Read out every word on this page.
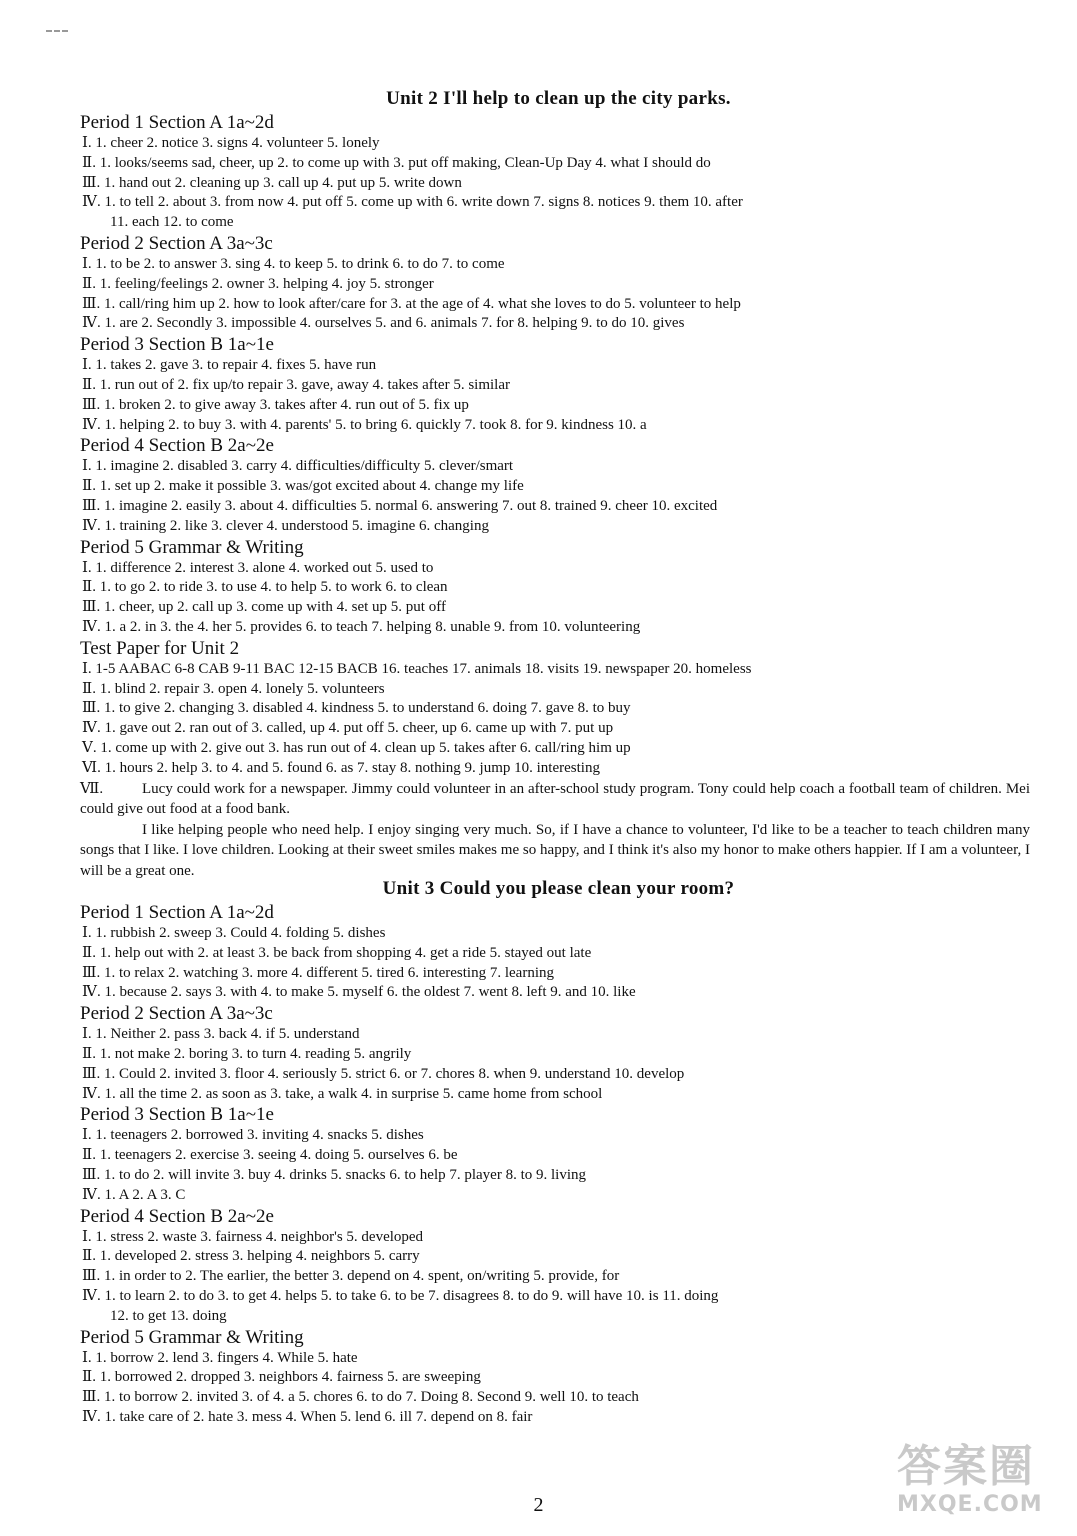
Unit 2 I'll help to clean up the city parks.
Period 1 Section A 1a~2d
Ⅰ. 1. cheer 2. notice 3. signs 4. volunteer 5. lonely
Ⅱ. 1. looks/seems sad, cheer, up 2. to come up with 3. put off making, Clean-Up Day 4. what I should do
Ⅲ. 1. hand out 2. cleaning up 3. call up 4. put up 5. write down
Ⅳ. 1. to tell 2. about 3. from now 4. put off 5. come up with 6. write down 7. signs 8. notices 9. them 10. after
11. each 12. to come
Period 2 Section A 3a~3c
Ⅰ. 1. to be 2. to answer 3. sing 4. to keep 5. to drink 6. to do 7. to come
Ⅱ. 1. feeling/feelings 2. owner 3. helping 4. joy 5. stronger
Ⅲ. 1. call/ring him up 2. how to look after/care for 3. at the age of 4. what she loves to do 5. volunteer to help
Ⅳ. 1. are 2. Secondly 3. impossible 4. ourselves 5. and 6. animals 7. for 8. helping 9. to do 10. gives
Period 3 Section B 1a~1e
Ⅰ. 1. takes 2. gave 3. to repair 4. fixes 5. have run
Ⅱ. 1. run out of 2. fix up/to repair 3. gave, away 4. takes after 5. similar
Ⅲ. 1. broken 2. to give away 3. takes after 4. run out of 5. fix up
Ⅳ. 1. helping 2. to buy 3. with 4. parents' 5. to bring 6. quickly 7. took 8. for 9. kindness 10. a
Period 4 Section B 2a~2e
Ⅰ. 1. imagine 2. disabled 3. carry 4. difficulties/difficulty 5. clever/smart
Ⅱ. 1. set up 2. make it possible 3. was/got excited about 4. change my life
Ⅲ. 1. imagine 2. easily 3. about 4. difficulties 5. normal 6. answering 7. out 8. trained 9. cheer 10. excited
Ⅳ. 1. training 2. like 3. clever 4. understood 5. imagine 6. changing
Period 5 Grammar & Writing
Ⅰ. 1. difference 2. interest 3. alone 4. worked out 5. used to
Ⅱ. 1. to go 2. to ride 3. to use 4. to help 5. to work 6. to clean
Ⅲ. 1. cheer, up 2. call up 3. come up with 4. set up 5. put off
Ⅳ. 1. a 2. in 3. the 4. her 5. provides 6. to teach 7. helping 8. unable 9. from 10. volunteering
Test Paper for Unit 2
Ⅰ. 1-5 AABAC 6-8 CAB 9-11 BAC 12-15 BACB 16. teaches 17. animals 18. visits 19. newspaper 20. homeless
Ⅱ. 1. blind 2. repair 3. open 4. lonely 5. volunteers
Ⅲ. 1. to give 2. changing 3. disabled 4. kindness 5. to understand 6. doing 7. gave 8. to buy
Ⅳ. 1. gave out 2. ran out of 3. called, up 4. put off 5. cheer, up 6. came up with 7. put up
Ⅴ. 1. come up with 2. give out 3. has run out of 4. clean up 5. takes after 6. call/ring him up
Ⅵ. 1. hours 2. help 3. to 4. and 5. found 6. as 7. stay 8. nothing 9. jump 10. interesting
Ⅶ.	Lucy could work for a newspaper. Jimmy could volunteer in an after-school study program. Tony could help coach a football team of children. Mei could give out food at a food bank.
I like helping people who need help. I enjoy singing very much. So, if I have a chance to volunteer, I'd like to be a teacher to teach children many songs that I like. I love children. Looking at their sweet smiles makes me so happy, and I think it's also my honor to make others happier. If I am a volunteer, I will be a great one.
Unit 3 Could you please clean your room?
Period 1 Section A 1a~2d
Ⅰ. 1. rubbish 2. sweep 3. Could 4. folding 5. dishes
Ⅱ. 1. help out with 2. at least 3. be back from shopping 4. get a ride 5. stayed out late
Ⅲ. 1. to relax 2. watching 3. more 4. different 5. tired 6. interesting 7. learning
Ⅳ. 1. because 2. says 3. with 4. to make 5. myself 6. the oldest 7. went 8. left 9. and 10. like
Period 2 Section A 3a~3c
Ⅰ. 1. Neither 2. pass 3. back 4. if 5. understand
Ⅱ. 1. not make 2. boring 3. to turn 4. reading 5. angrily
Ⅲ. 1. Could 2. invited 3. floor 4. seriously 5. strict 6. or 7. chores 8. when 9. understand 10. develop
Ⅳ. 1. all the time 2. as soon as 3. take, a walk 4. in surprise 5. came home from school
Period 3 Section B 1a~1e
Ⅰ. 1. teenagers 2. borrowed 3. inviting 4. snacks 5. dishes
Ⅱ. 1. teenagers 2. exercise 3. seeing 4. doing 5. ourselves 6. be
Ⅲ. 1. to do 2. will invite 3. buy 4. drinks 5. snacks 6. to help 7. player 8. to 9. living
Ⅳ. 1. A 2. A 3. C
Period 4 Section B 2a~2e
Ⅰ. 1. stress 2. waste 3. fairness 4. neighbor's 5. developed
Ⅱ. 1. developed 2. stress 3. helping 4. neighbors 5. carry
Ⅲ. 1. in order to 2. The earlier, the better 3. depend on 4. spent, on/writing 5. provide, for
Ⅳ. 1. to learn 2. to do 3. to get 4. helps 5. to take 6. to be 7. disagrees 8. to do 9. will have 10. is 11. doing
12. to get 13. doing
Period 5 Grammar & Writing
Ⅰ. 1. borrow 2. lend 3. fingers 4. While 5. hate
Ⅱ. 1. borrowed 2. dropped 3. neighbors 4. fairness 5. are sweeping
Ⅲ. 1. to borrow 2. invited 3. of 4. a 5. chores 6. to do 7. Doing 8. Second 9. well 10. to teach
Ⅳ. 1. take care of 2. hate 3. mess 4. When 5. lend 6. ill 7. depend on 8. fair
2
答案圈
MXQE.COM
